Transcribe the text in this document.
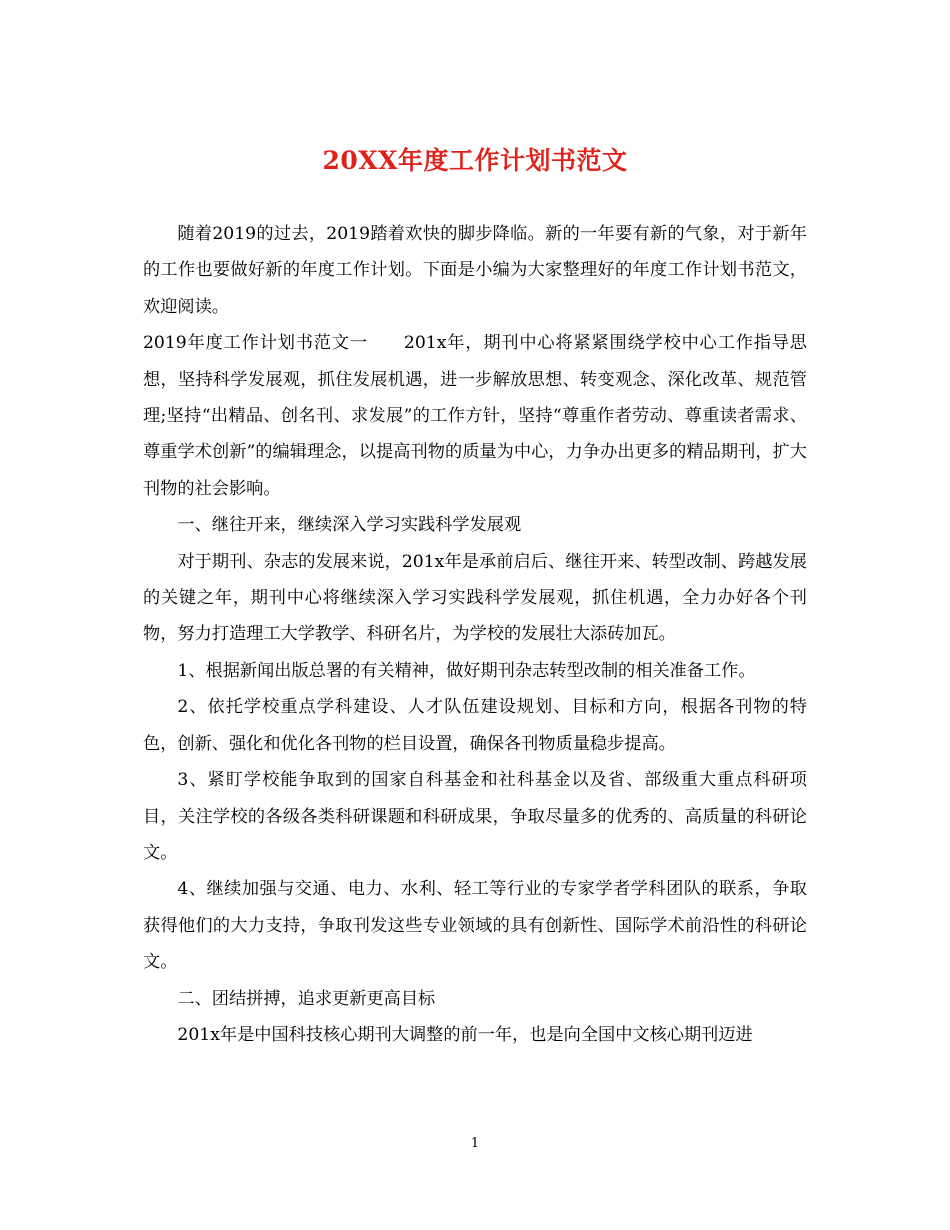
20XX年度工作计划书范文

随着2019的过去，2019踏着欢快的脚步降临。新的一年要有新的气象，对于新年的工作也要做好新的年度工作计划。下面是小编为大家整理好的年度工作计划书范文，欢迎阅读。

2019年度工作计划书范文一　　201x年，期刊中心将紧紧围绕学校中心工作指导思想，坚持科学发展观，抓住发展机遇，进一步解放思想、转变观念、深化改革、规范管理;坚持“出精品、创名刊、求发展”的工作方针，坚持“尊重作者劳动、尊重读者需求、尊重学术创新”的编辑理念，以提高刊物的质量为中心，力争办出更多的精品期刊，扩大刊物的社会影响。

一、继往开来，继续深入学习实践科学发展观

对于期刊、杂志的发展来说，201x年是承前启后、继往开来、转型改制、跨越发展的关键之年，期刊中心将继续深入学习实践科学发展观，抓住机遇，全力办好各个刊物，努力打造理工大学教学、科研名片，为学校的发展壮大添砖加瓦。

1、根据新闻出版总署的有关精神，做好期刊杂志转型改制的相关准备工作。

2、依托学校重点学科建设、人才队伍建设规划、目标和方向，根据各刊物的特色，创新、强化和优化各刊物的栏目设置，确保各刊物质量稳步提高。

3、紧盯学校能争取到的国家自科基金和社科基金以及省、部级重大重点科研项目，关注学校的各级各类科研课题和科研成果，争取尽量多的优秀的、高质量的科研论文。

4、继续加强与交通、电力、水利、轻工等行业的专家学者学科团队的联系，争取获得他们的大力支持，争取刊发这些专业领域的具有创新性、国际学术前沿性的科研论文。

二、团结拼搏，追求更新更高目标

201x年是中国科技核心期刊大调整的前一年，也是向全国中文核心期刊迈进

1
